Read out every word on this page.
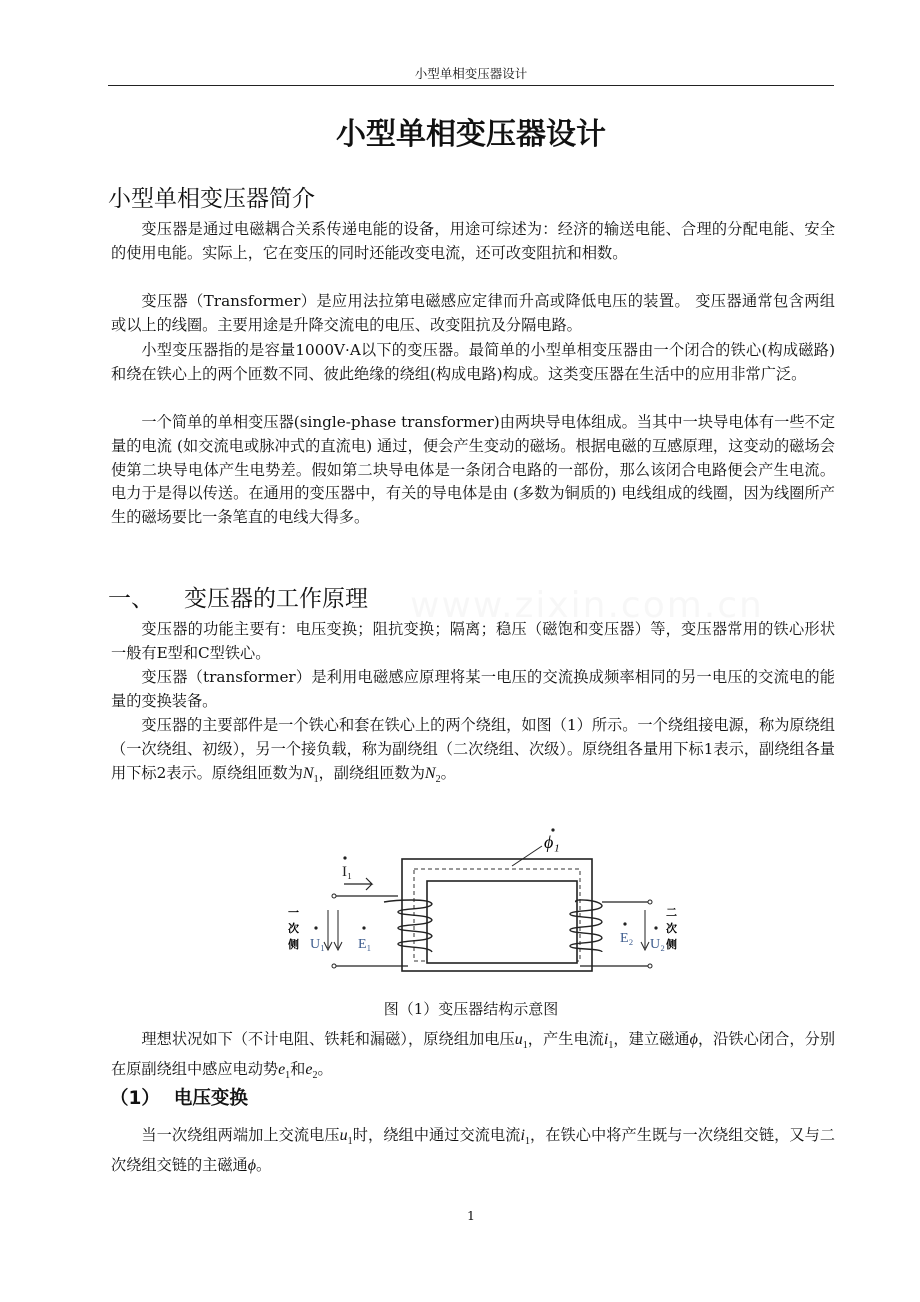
小型单相变压器设计
www.zixin.com.cn
小型单相变压器设计
小型单相变压器简介

变压器是通过电磁耦合关系传递电能的设备，用途可综述为：经济的输送电能、合理的分配电能、安全的使用电能。实际上，它在变压的同时还能改变电流，还可改变阻抗和相数。

变压器（Transformer）是应用法拉第电磁感应定律而升高或降低电压的装置。 变压器通常包含两组或以上的线圈。主要用途是升降交流电的电压、改变阻抗及分隔电路。

小型变压器指的是容量1000V·A以下的变压器。最简单的小型单相变压器由一个闭合的铁心(构成磁路)和绕在铁心上的两个匝数不同、彼此绝缘的绕组(构成电路)构成。这类变压器在生活中的应用非常广泛。

一个简单的单相变压器(single-phase transformer)由两块导电体组成。当其中一块导电体有一些不定量的电流 (如交流电或脉冲式的直流电) 通过，便会产生变动的磁场。根据电磁的互感原理，这变动的磁场会使第二块导电体产生电势差。假如第二块导电体是一条闭合电路的一部份，那么该闭合电路便会产生电流。电力于是得以传送。在通用的变压器中，有关的导电体是由 (多数为铜质的) 电线组成的线圈，因为线圈所产生的磁场要比一条笔直的电线大得多。

一、 变压器的工作原理

变压器的功能主要有：电压变换；阻抗变换；隔离；稳压（磁饱和变压器）等，变压器常用的铁心形状一般有E型和C型铁心。

变压器（transformer）是利用电磁感应原理将某一电压的交流换成频率相同的另一电压的交流电的能量的变换装备。

变压器的主要部件是一个铁心和套在铁心上的两个绕组，如图（1）所示。一个绕组接电源，称为原绕组（一次绕组、初级），另一个接负载，称为副绕组（二次绕组、次级）。原绕组各量用下标1表示，副绕组各量用下标2表示。原绕组匝数为$N_1$，副绕组匝数为$N_2$。

ϕ₁
I₁
U₁ E₁
一
次
侧	E₂ U₂
二
次
侧
图（1）变压器结构示意图

理想状况如下（不计电阻、铁耗和漏磁），原绕组加电压$u_1$，产生电流$i_1$，建立磁通ϕ，沿铁心闭合，分别在原副绕组中感应电动势$e_1$和$e_2$。

（1） 电压变换

当一次绕组两端加上交流电压$u_1$时，绕组中通过交流电流$i_1$，在铁心中将产生既与一次绕组交链，又与二次绕组交链的主磁通ϕ。

1
